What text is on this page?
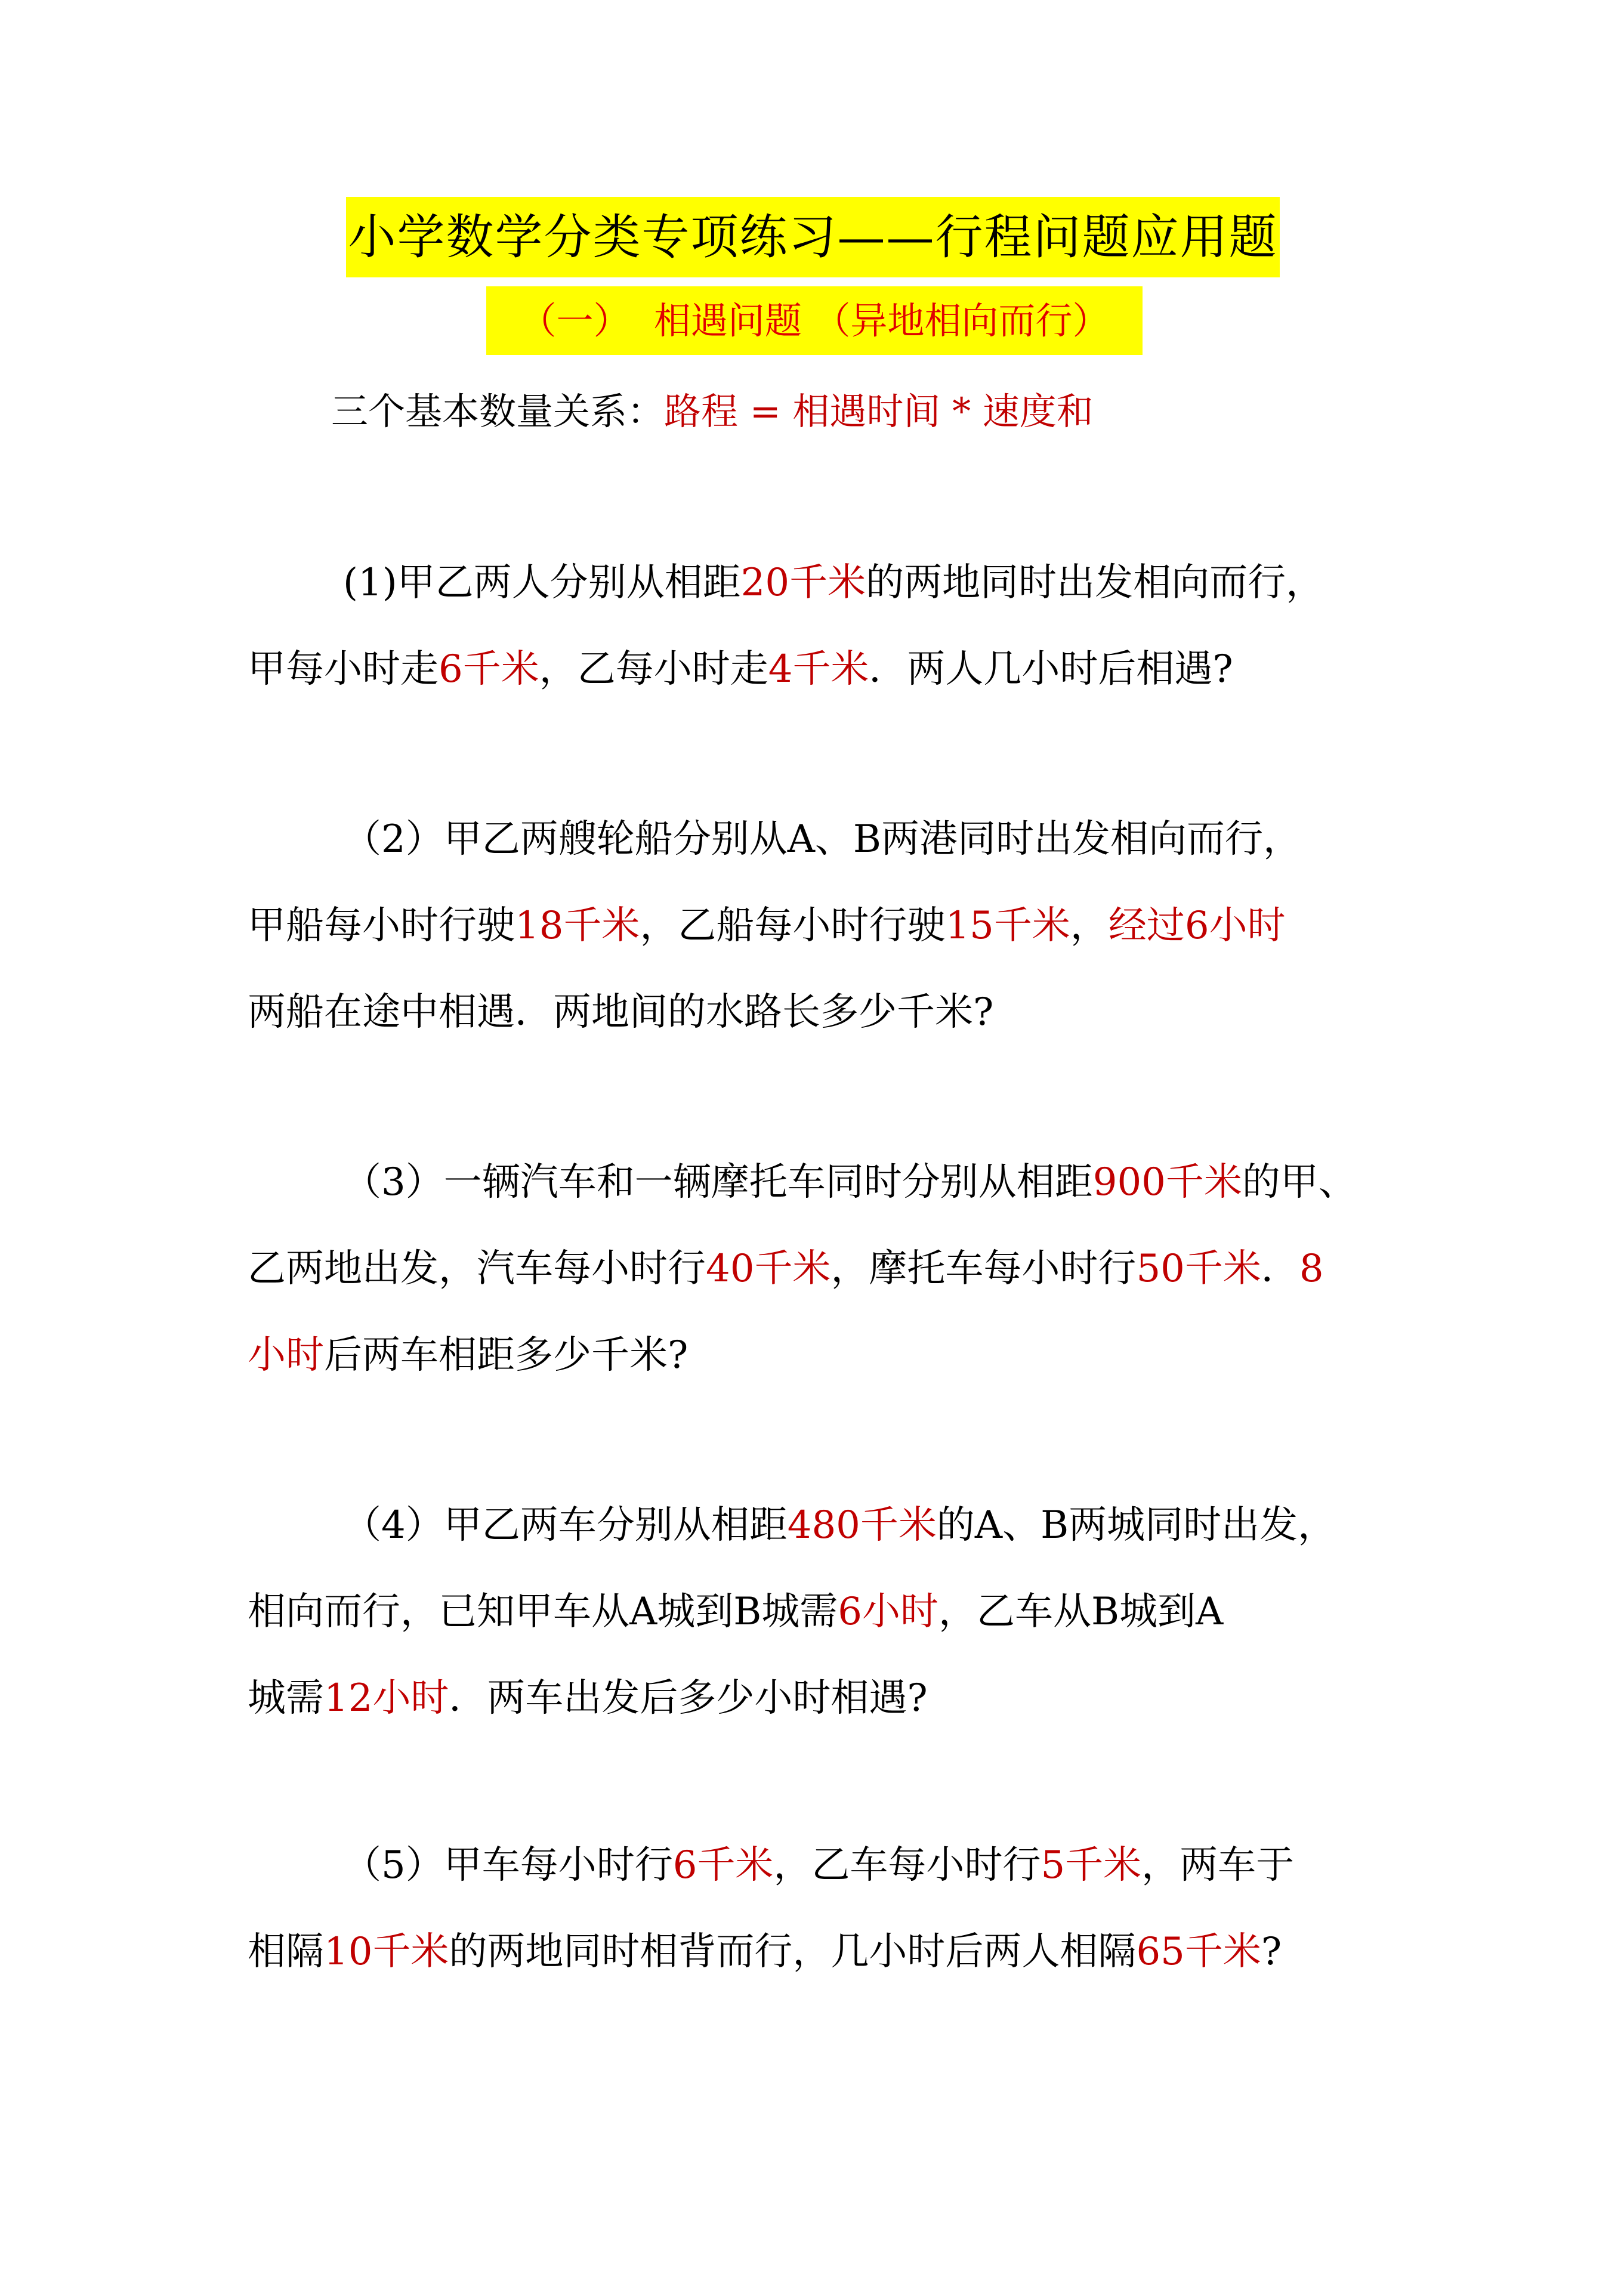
小学数学分类专项练习——行程问题应用题
（一）  相遇问题 （异地相向而行）
三个基本数量关系：路程 = 相遇时间 * 速度和
(1)甲乙两人分别从相距20千米的两地同时出发相向而行，
甲每小时走6千米，乙每小时走4千米．两人几小时后相遇?
（2）甲乙两艘轮船分别从A、B两港同时出发相向而行，
甲船每小时行驶18千米，乙船每小时行驶15千米，经过6小时
两船在途中相遇．两地间的水路长多少千米?
（3）一辆汽车和一辆摩托车同时分别从相距900千米的甲、
乙两地出发，汽车每小时行40千米，摩托车每小时行50千米．8
小时后两车相距多少千米?
（4）甲乙两车分别从相距480千米的A、B两城同时出发，
相向而行，已知甲车从A城到B城需6小时，乙车从B城到A
城需12小时．两车出发后多少小时相遇?
（5）甲车每小时行6千米，乙车每小时行5千米，两车于
相隔10千米的两地同时相背而行，几小时后两人相隔65千米?
